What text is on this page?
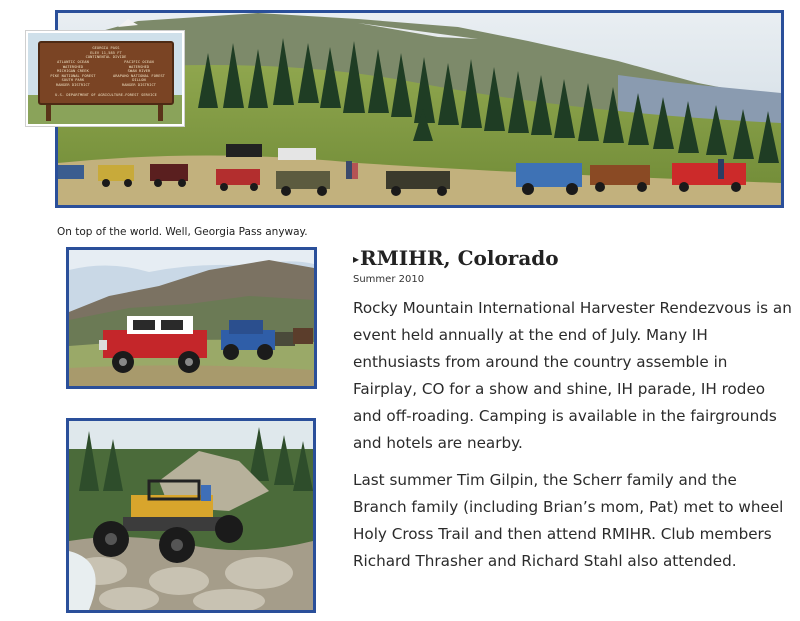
GEORGIA PASS
ELEV 11,585 FT
CONTINENTAL DIVIDE
ATLANTIC OCEAN
WATERSHED
MICHIGAN CREEK
PIKE NATIONAL FOREST
SOUTH PARK
RANGER DISTRICT
PACIFIC OCEAN
WATERSHED
SWAN RIVER
ARAPAHO NATIONAL FOREST
DILLON
RANGER DISTRICT
U.S. DEPARTMENT OF AGRICULTURE-FOREST SERVICE
On top of the world. Well, Georgia Pass anyway.
▸RMIHR, Colorado
Summer 2010

Rocky Mountain International Harvester Rendezvous is an event held annually at the end of July. Many IH enthusiasts from around the country assemble in Fairplay, CO for a show and shine, IH parade, IH rodeo and off-roading. Camping is available in the fairgrounds and hotels are nearby.

Last summer Tim Gilpin, the Scherr family and the Branch family (including Brian’s mom, Pat) met to wheel Holy Cross Trail and then attend RMIHR. Club members Richard Thrasher and Richard Stahl also attended.
